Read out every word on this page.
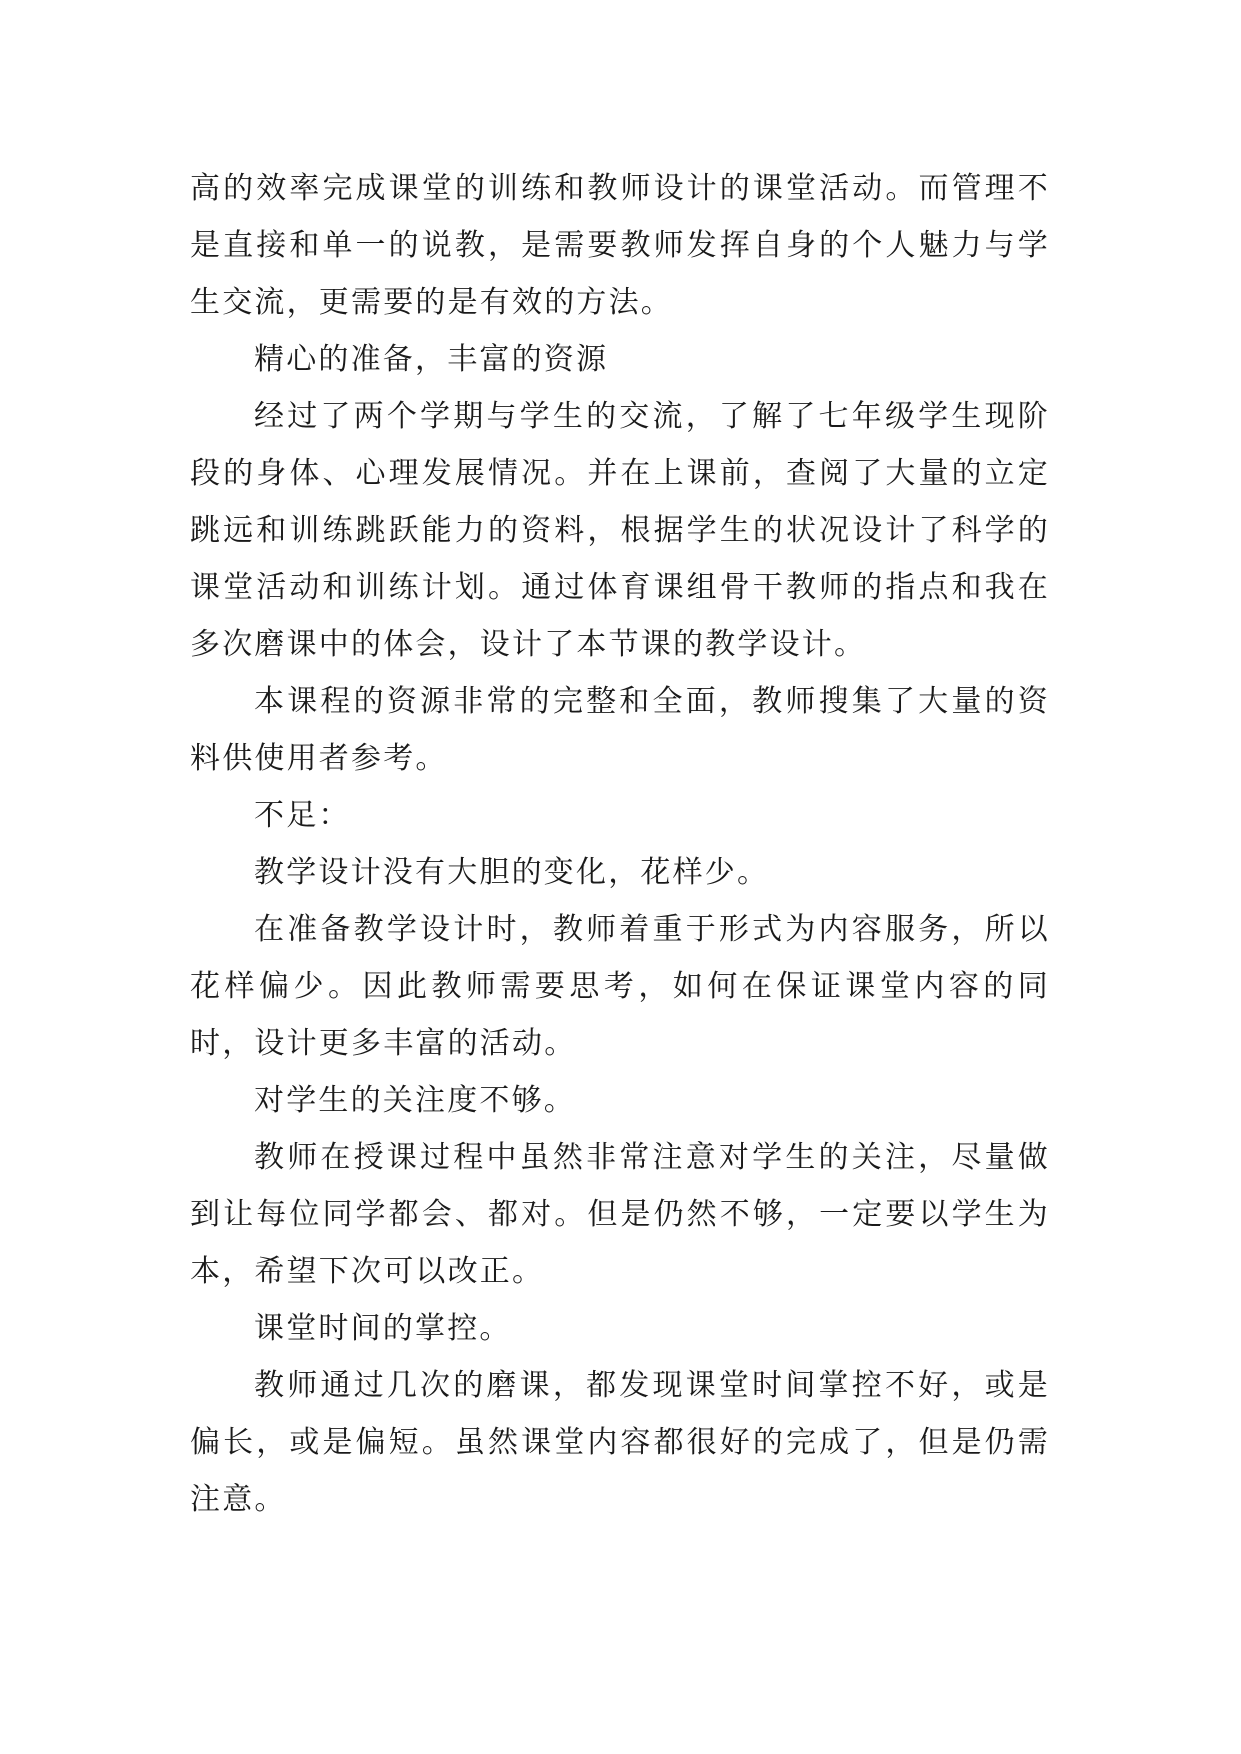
高的效率完成课堂的训练和教师设计的课堂活动。而管理不是直接和单一的说教，是需要教师发挥自身的个人魅力与学生交流，更需要的是有效的方法。

精心的准备，丰富的资源

经过了两个学期与学生的交流，了解了七年级学生现阶段的身体、心理发展情况。并在上课前，查阅了大量的立定跳远和训练跳跃能力的资料，根据学生的状况设计了科学的课堂活动和训练计划。通过体育课组骨干教师的指点和我在多次磨课中的体会，设计了本节课的教学设计。

本课程的资源非常的完整和全面，教师搜集了大量的资料供使用者参考。

不足：

教学设计没有大胆的变化，花样少。

在准备教学设计时，教师着重于形式为内容服务，所以花样偏少。因此教师需要思考，如何在保证课堂内容的同时，设计更多丰富的活动。

对学生的关注度不够。

教师在授课过程中虽然非常注意对学生的关注，尽量做到让每位同学都会、都对。但是仍然不够，一定要以学生为本，希望下次可以改正。

课堂时间的掌控。

教师通过几次的磨课，都发现课堂时间掌控不好，或是偏长，或是偏短。虽然课堂内容都很好的完成了，但是仍需注意。
